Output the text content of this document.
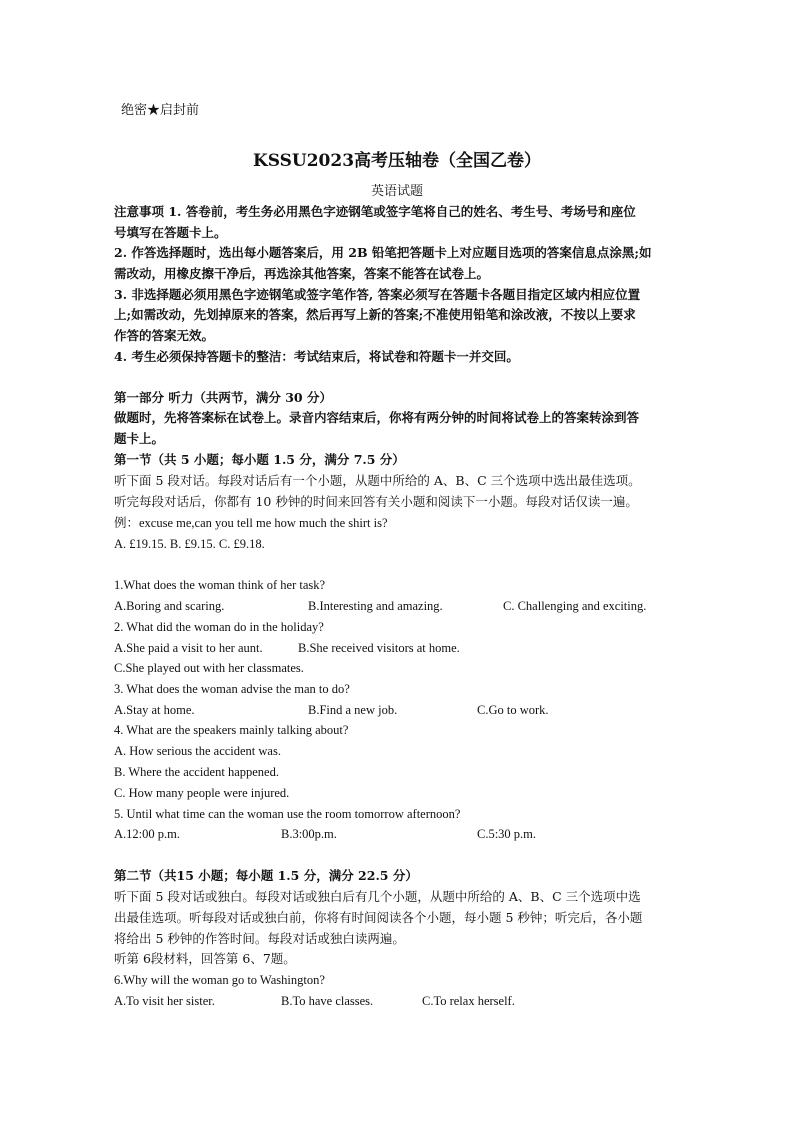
绝密★启封前
KSSU2023高考压轴卷（全国乙卷）
英语试题
注意事项 1. 答卷前，考生务必用黑色字迹钢笔或签字笔将自己的姓名、考生号、考场号和座位
号填写在答题卡上。
2. 作答选择题时，选出每小题答案后，用 2B 铅笔把答题卡上对应题目选项的答案信息点涂黑;如
需改动，用橡皮擦干净后，再选涂其他答案，答案不能答在试卷上。
3. 非选择题必须用黑色字迹钢笔或签字笔作答, 答案必须写在答题卡各题目指定区域内相应位置
上;如需改动，先划掉原来的答案，然后再写上新的答案;不准使用铅笔和涂改液，不按以上要求
作答的答案无效。
4. 考生必须保持答题卡的整洁：考试结束后，将试卷和符题卡一并交回。
第一部分 听力（共两节，满分 30 分）
做题时，先将答案标在试卷上。录音内容结束后，你将有两分钟的时间将试卷上的答案转涂到答
题卡上。
第一节（共 5 小题；每小题 1.5 分，满分 7.5 分）
听下面 5 段对话。每段对话后有一个小题，从题中所给的 A、B、C 三个选项中选出最佳选项。
听完每段对话后，你都有 10 秒钟的时间来回答有关小题和阅读下一小题。每段对话仅读一遍。
例：excuse me,can you tell me how much the shirt is?
A. £19.15. B. £9.15. C. £9.18.
1.What does the woman think of her task?
A.Boring and scaring.	B.Interesting and amazing.	C. Challenging and exciting.
2. What did the woman do in the holiday?
A.She paid a visit to her aunt.	B.She received visitors at home.
C.She played out with her classmates.
3. What does the woman advise the man to do?
A.Stay at home.	B.Find a new job.	C.Go to work.
4. What are the speakers mainly talking about?
A. How serious the accident was.
B. Where the accident happened.
C. How many people were injured.
5. Until what time can the woman use the room tomorrow afternoon?
A.12:00 p.m.	B.3:00p.m.	C.5:30 p.m.
第二节（共15 小题；每小题 1.5 分，满分 22.5 分）
听下面 5 段对话或独白。每段对话或独白后有几个小题，从题中所给的 A、B、C 三个选项中选
出最佳选项。听每段对话或独白前，你将有时间阅读各个小题，每小题 5 秒钟；听完后，各小题
将给出 5 秒钟的作答时间。每段对话或独白读两遍。
听第 6段材料，回答第 6、7题。
6.Why will the woman go to Washington?
A.To visit her sister.	B.To have classes.	C.To relax herself.
